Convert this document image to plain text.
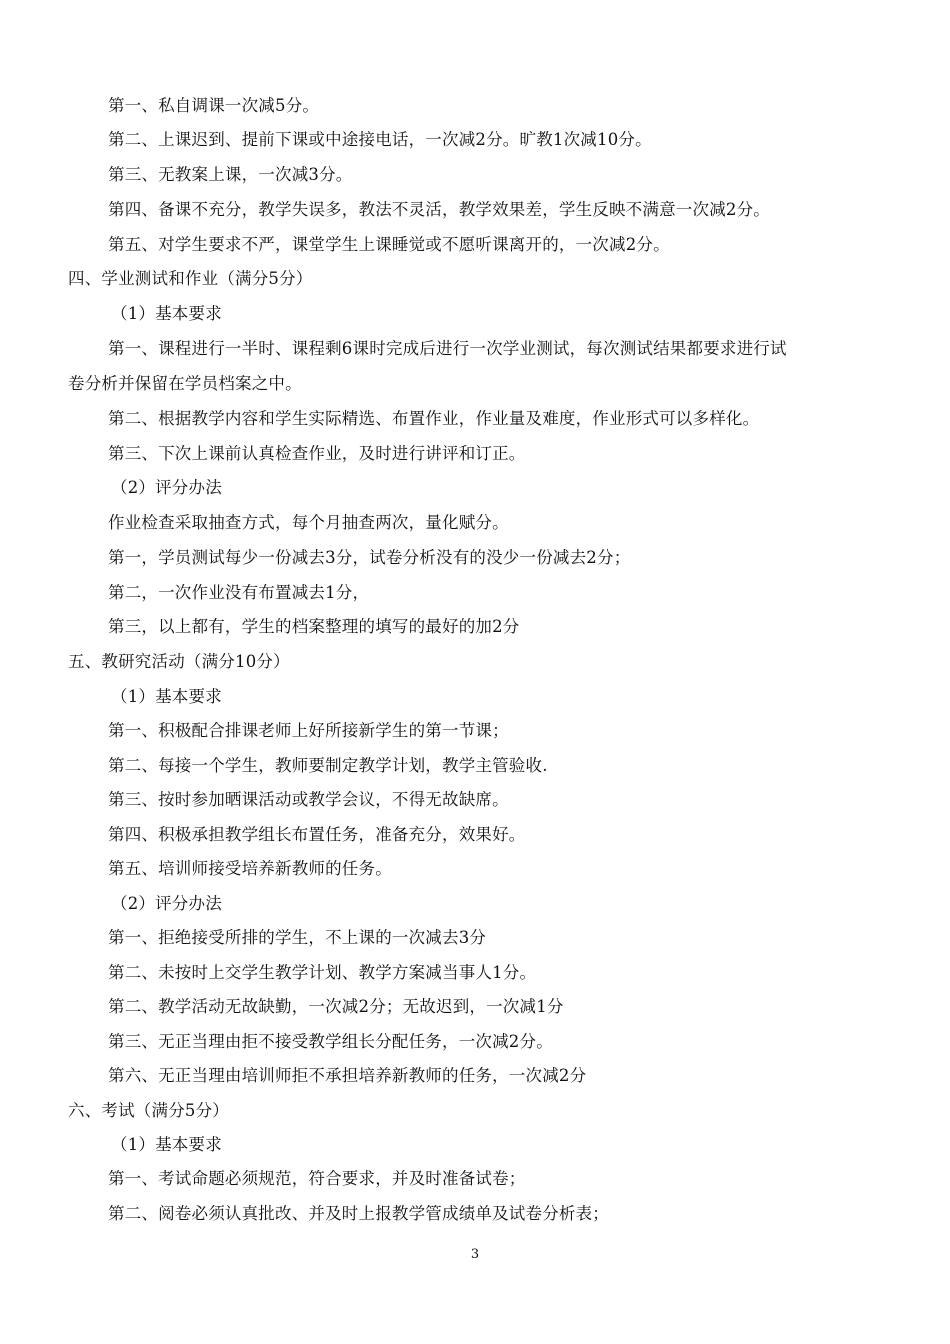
第一、私自调课一次减5分。
第二、上课迟到、提前下课或中途接电话，一次减2分。旷教1次减10分。
第三、无教案上课，一次减3分。
第四、备课不充分，教学失误多，教法不灵活，教学效果差，学生反映不满意一次减2分。
第五、对学生要求不严，课堂学生上课睡觉或不愿听课离开的，一次减2分。
四、学业测试和作业（满分5分）
（1）基本要求
第一、课程进行一半时、课程剩6课时完成后进行一次学业测试，每次测试结果都要求进行试
卷分析并保留在学员档案之中。
第二、根据教学内容和学生实际精选、布置作业，作业量及难度，作业形式可以多样化。
第三、下次上课前认真检查作业，及时进行讲评和订正。
（2）评分办法
作业检查采取抽查方式，每个月抽查两次，量化赋分。
第一，学员测试每少一份减去3分，试卷分析没有的没少一份减去2分；
第二，一次作业没有布置减去1分，
第三，以上都有，学生的档案整理的填写的最好的加2分
五、教研究活动（满分10分）
（1）基本要求
第一、积极配合排课老师上好所接新学生的第一节课；
第二、每接一个学生，教师要制定教学计划，教学主管验收.
第三、按时参加晒课活动或教学会议，不得无故缺席。
第四、积极承担教学组长布置任务，准备充分，效果好。
第五、培训师接受培养新教师的任务。
（2）评分办法
第一、拒绝接受所排的学生，不上课的一次减去3分
第二、未按时上交学生教学计划、教学方案减当事人1分。
第二、教学活动无故缺勤，一次减2分；无故迟到，一次减1分
第三、无正当理由拒不接受教学组长分配任务，一次减2分。
第六、无正当理由培训师拒不承担培养新教师的任务，一次减2分
六、考试（满分5分）
（1）基本要求
第一、考试命题必须规范，符合要求，并及时准备试卷；
第二、阅卷必须认真批改、并及时上报教学管成绩单及试卷分析表；
3
